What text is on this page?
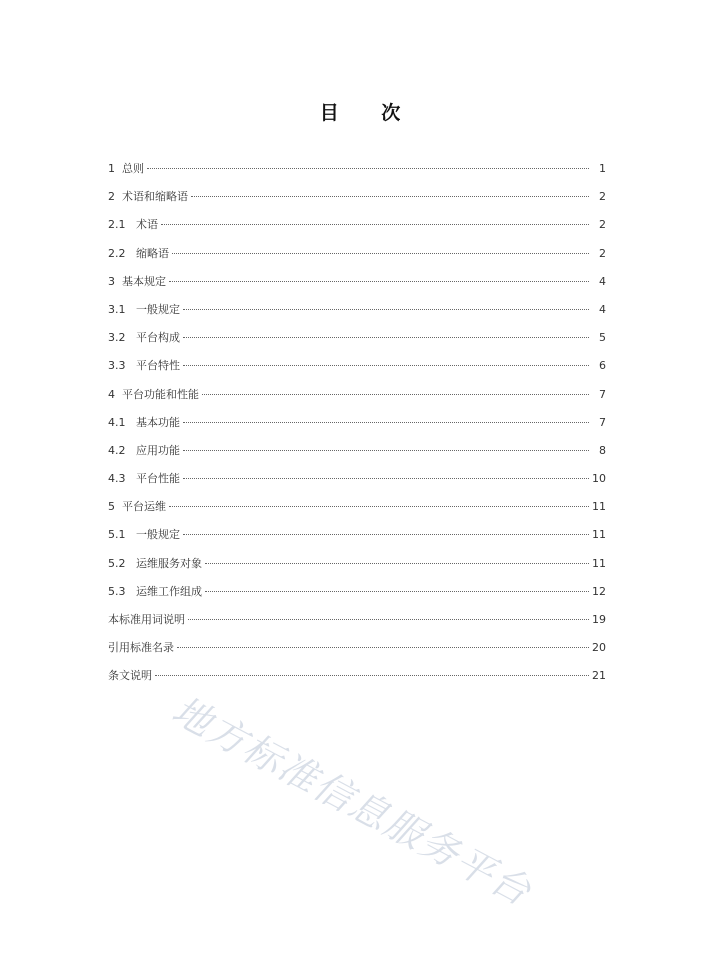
目 次
1  总则	1
2  术语和缩略语	2
2.1   术语	2
2.2   缩略语	2
3  基本规定	4
3.1   一般规定	4
3.2   平台构成	5
3.3   平台特性	6
4  平台功能和性能	7
4.1   基本功能	7
4.2   应用功能	8
4.3   平台性能	10
5  平台运维	11
5.1   一般规定	11
5.2   运维服务对象	11
5.3   运维工作组成	12
本标准用词说明	19
引用标准名录	20
条文说明	21
地方标准信息服务平台
